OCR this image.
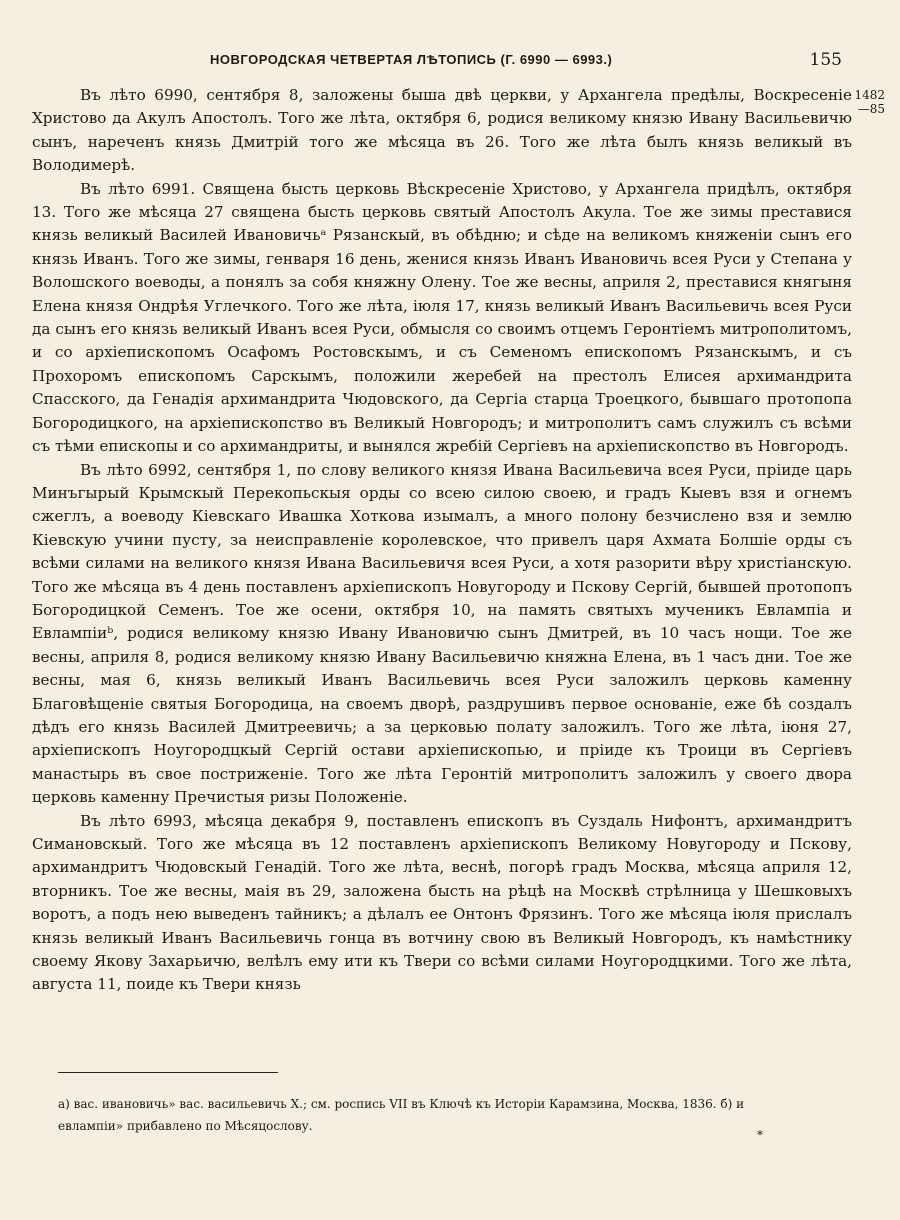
НОВГОРОДСКАЯ ЧЕТВЕРТАЯ ЛѢТОПИСЬ (Г. 6990 — 6993.)	155
1482
—85

Въ лѣто 6990, сентября 8, заложены быша двѣ церкви, у Архангела предѣлы, Воскресеніе Христово да Акулъ Апостолъ. Того же лѣта, октября 6, родися великому князю Ивану Васильевичю сынъ, нареченъ князь Дмитрій того же мѣсяца въ 26. Того же лѣта былъ князь великый въ Володимерѣ.

Въ лѣто 6991. Священа бысть церковь Вѣскресеніе Христово, у Архангела придѣлъ, октября 13. Того же мѣсяца 27 священа бысть церковь святый Апостолъ Акула. Тое же зимы преставися князь великый Василей Ивановичьᵃ Рязанскый, въ обѣдню; и сѣде на великомъ княженіи сынъ его князь Иванъ. Того же зимы, генваря 16 день, женися князь Иванъ Ивановичь всея Руси у Степана у Волошского воеводы, а понялъ за собя княжну Олену. Тое же весны, априля 2, преставися княгыня Елена князя Ондрѣя Углечкого. Того же лѣта, іюля 17, князь великый Иванъ Васильевичь всея Руси да сынъ его князь великый Иванъ всея Руси, обмысля со своимъ отцемъ Геронтіемъ митрополитомъ, и со архіепископомъ Осафомъ Ростовскымъ, и съ Семеномъ епископомъ Рязанскымъ, и съ Прохоромъ епископомъ Сарскымъ, положили жеребей на престолъ Елисея архимандрита Спасского, да Генадія архимандрита Чюдовского, да Сергіа старца Троецкого, бывшаго протопопа Богородицкого, на архіепископство въ Великый Новгородъ; и митрополитъ самъ служилъ съ всѣми съ тѣми епископы и со архимандриты, и вынялся жребій Сергіевъ на архіепископство въ Новгородъ.

Въ лѣто 6992, сентября 1, по слову великого князя Ивана Васильевича всея Руси, пріиде царь Минъгырый Крымскый Перекопьскыя орды со всею силою своею, и градъ Кыевъ взя и огнемъ сжеглъ, а воеводу Кіевскаго Ивашка Хоткова изымалъ, а много полону безчислено взя и землю Кіевскую учини пусту, за неисправленіе королевское, что привелъ царя Ахмата Болшіе орды съ всѣми силами на великого князя Ивана Васильевичя всея Руси, а хотя разорити вѣру христіанскую. Того же мѣсяца въ 4 день поставленъ архіепископъ Новугороду и Пскову Сергій, бывшей протопопъ Богородицкой Семенъ. Тое же осени, октября 10, на память святыхъ мученикъ Евлампіа и Евлампіиᵇ, родися великому князю Ивану Ивановичю сынъ Дмитрей, въ 10 часъ нощи. Тое же весны, априля 8, родися великому князю Ивану Васильевичю княжна Елена, въ 1 часъ дни. Тое же весны, мая 6, князь великый Иванъ Васильевичь всея Руси заложилъ церковь каменну Благовѣщеніе святыя Богородица, на своемъ дворѣ, раздрушивъ первое основаніе, еже бѣ создалъ дѣдъ его князь Василей Дмитреевичь; а за церковью полату заложилъ. Того же лѣта, іюня 27, архіепископъ Ноугородцкый Сергій остави архіепископью, и пріиде къ Троици въ Сергіевъ манастырь въ свое постриженіе. Того же лѣта Геронтій митрополитъ заложилъ у своего двора церковь каменну Пречистыя ризы Положеніе.

Въ лѣто 6993, мѣсяца декабря 9, поставленъ епископъ въ Суздаль Нифонтъ, архимандритъ Симановскый. Того же мѣсяца въ 12 поставленъ архіепископъ Великому Новугороду и Пскову, архимандритъ Чюдовскый Генадій. Того же лѣта, веснѣ, погорѣ градъ Москва, мѣсяца априля 12, вторникъ. Тое же весны, маія въ 29, заложена бысть на рѣцѣ на Москвѣ стрѣлница у Шешковыхъ воротъ, а подъ нею выведенъ тайникъ; а дѣлалъ ее Онтонъ Фрязинъ. Того же мѣсяца іюля прислалъ князь великый Иванъ Васильевичь гонца въ вотчину свою въ Великый Новгородъ, къ намѣстнику своему Якову Захарьичю, велѣлъ ему ити къ Твери со всѣми силами Ноугородцкими. Того же лѣта, августа 11, поиде къ Твери князь

а) вас. ивановичь» вас. васильевичь X.; см. роспись VII въ Ключѣ къ Исторіи Карамзина, Москва, 1836. б) и
евлампіи» прибавлено по Мѣсяцослову.
*
